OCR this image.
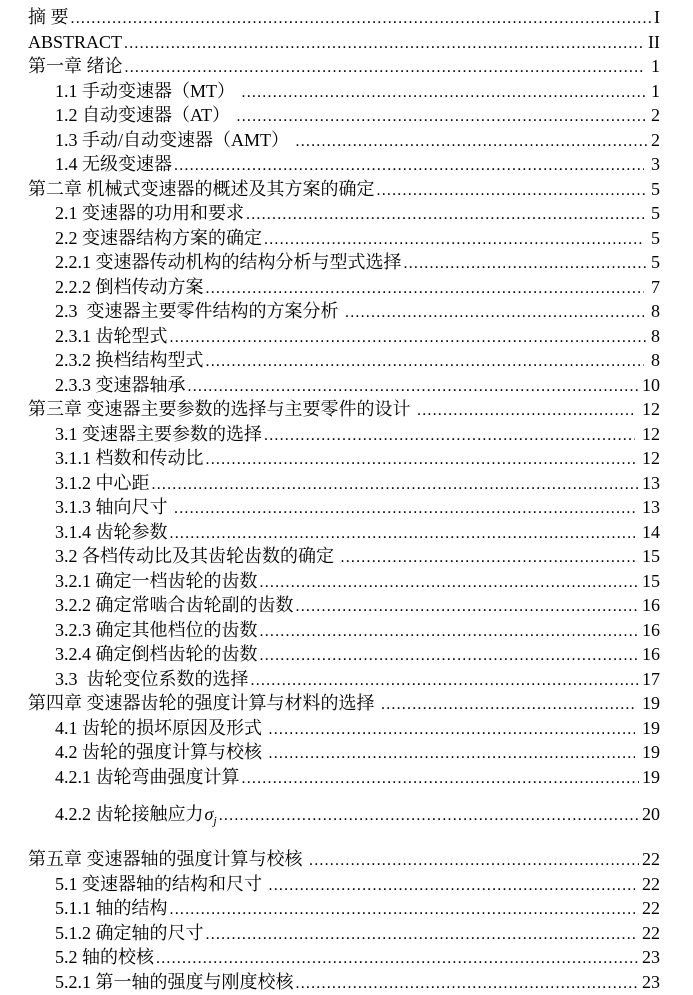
摘 要 .....	I
ABSTRACT .....	II
第一章 绪论 .....	1
1.1 手动变速器（MT） .....	1
1.2 自动变速器（AT） .....	2
1.3 手动/自动变速器（AMT） .....	2
1.4 无级变速器 .....	3
第二章 机械式变速器的概述及其方案的确定 .....	5
2.1 变速器的功用和要求 .....	5
2.2 变速器结构方案的确定 .....	5
2.2.1 变速器传动机构的结构分析与型式选择 .....	5
2.2.2 倒档传动方案 .....	7
2.3  变速器主要零件结构的方案分析 .....	8
2.3.1 齿轮型式 .....	8
2.3.2 换档结构型式 .....	8
2.3.3 变速器轴承 .....	10
第三章 变速器主要参数的选择与主要零件的设计 .....	12
3.1 变速器主要参数的选择 .....	12
3.1.1 档数和传动比 .....	12
3.1.2 中心距 .....	13
3.1.3 轴向尺寸 .....	13
3.1.4 齿轮参数 .....	14
3.2 各档传动比及其齿轮齿数的确定 .....	15
3.2.1 确定一档齿轮的齿数 .....	15
3.2.2 确定常啮合齿轮副的齿数 .....	16
3.2.3 确定其他档位的齿数 .....	16
3.2.4 确定倒档齿轮的齿数 .....	16
3.3  齿轮变位系数的选择 .....	17
第四章 变速器齿轮的强度计算与材料的选择 .....	19
4.1 齿轮的损坏原因及形式 .....	19
4.2 齿轮的强度计算与校核 .....	19
4.2.1 齿轮弯曲强度计算 .....	19
4.2.2 齿轮接触应力 $\sigma_j$ .....	20
第五章 变速器轴的强度计算与校核 .....	22
5.1 变速器轴的结构和尺寸 .....	22
5.1.1 轴的结构 .....	22
5.1.2 确定轴的尺寸 .....	22
5.2 轴的校核 .....	23
5.2.1 第一轴的强度与刚度校核 .....	23
